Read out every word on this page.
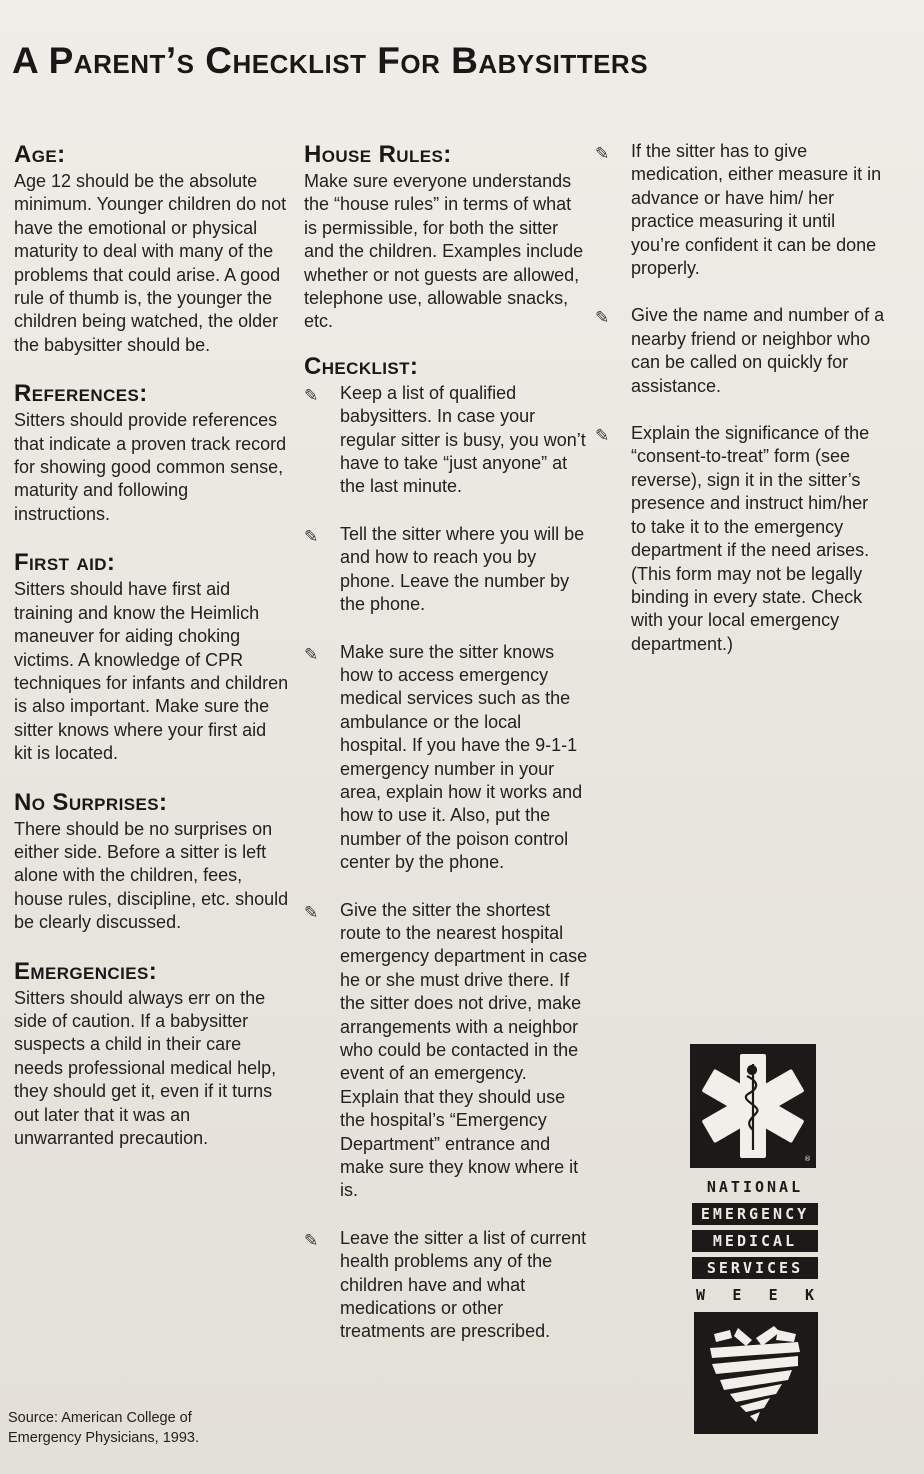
A Parent’s Checklist For Babysitters
Age:
Age 12 should be the absolute minimum. Younger children do not have the emotional or physical maturity to deal with many of the problems that could arise. A good rule of thumb is, the younger the children being watched, the older the babysitter should be.
References:
Sitters should provide references that indicate a proven track record for showing good common sense, maturity and following instructions.
First aid:
Sitters should have first aid training and know the Heimlich maneuver for aiding choking victims. A knowledge of CPR techniques for infants and children is also important. Make sure the sitter knows where your first aid kit is located.
No Surprises:
There should be no surprises on either side. Before a sitter is left alone with the children, fees, house rules, discipline, etc. should be clearly discussed.
Emergencies:
Sitters should always err on the side of caution. If a babysitter suspects a child in their care needs professional medical help, they should get it, even if it turns out later that it was an unwarranted precaution.
House Rules:
Make sure everyone understands the “house rules” in terms of what is permissible, for both the sitter and the children. Examples include whether or not guests are allowed, telephone use, allowable snacks, etc.
Checklist:
✎	Keep a list of qualified babysitters. In case your regular sitter is busy, you won’t have to take “just anyone” at the last minute.
✎	Tell the sitter where you will be and how to reach you by phone. Leave the number by the phone.
✎	Make sure the sitter knows how to access emergency medical services such as the ambulance or the local hospital. If you have the 9-1-1 emergency number in your area, explain how it works and how to use it. Also, put the number of the poison control center by the phone.
✎	Give the sitter the shortest route to the nearest hospital emergency department in case he or she must drive there. If the sitter does not drive, make arrangements with a neighbor who could be contacted in the event of an emergency. Explain that they should use the hospital’s “Emergency Department” entrance and make sure they know where it is.
✎	Leave the sitter a list of current health problems any of the children have and what medications or other treatments are prescribed.
✎	If the sitter has to give medication, either measure it in advance or have him/ her practice measuring it until you’re confident it can be done properly.
✎	Give the name and number of a nearby friend or neighbor who can be called on quickly for assistance.
✎	Explain the significance of the “consent-to-treat” form (see reverse), sign it in the sitter’s presence and instruct him/her to take it to the emergency department if the need arises. (This form may not be legally binding in every state. Check with your local emergency department.)
®
NATIONAL
EMERGENCY
MEDICAL
SERVICES
W E E K
Source: American College of Emergency Physicians, 1993.
